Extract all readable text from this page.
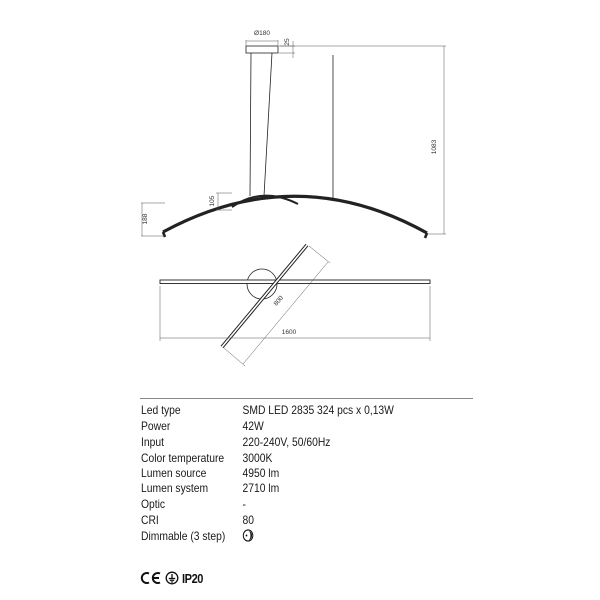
Ø180
25
1083
188
105
1600
800
Led type	SMD LED 2835 324 pcs x 0,13W
Power	42W
Input	220-240V, 50/60Hz
Color temperature	3000K
Lumen source	4950 lm
Lumen system	2710 lm
Optic	-
CRI	80
Dimmable (3 step)	
IP20
